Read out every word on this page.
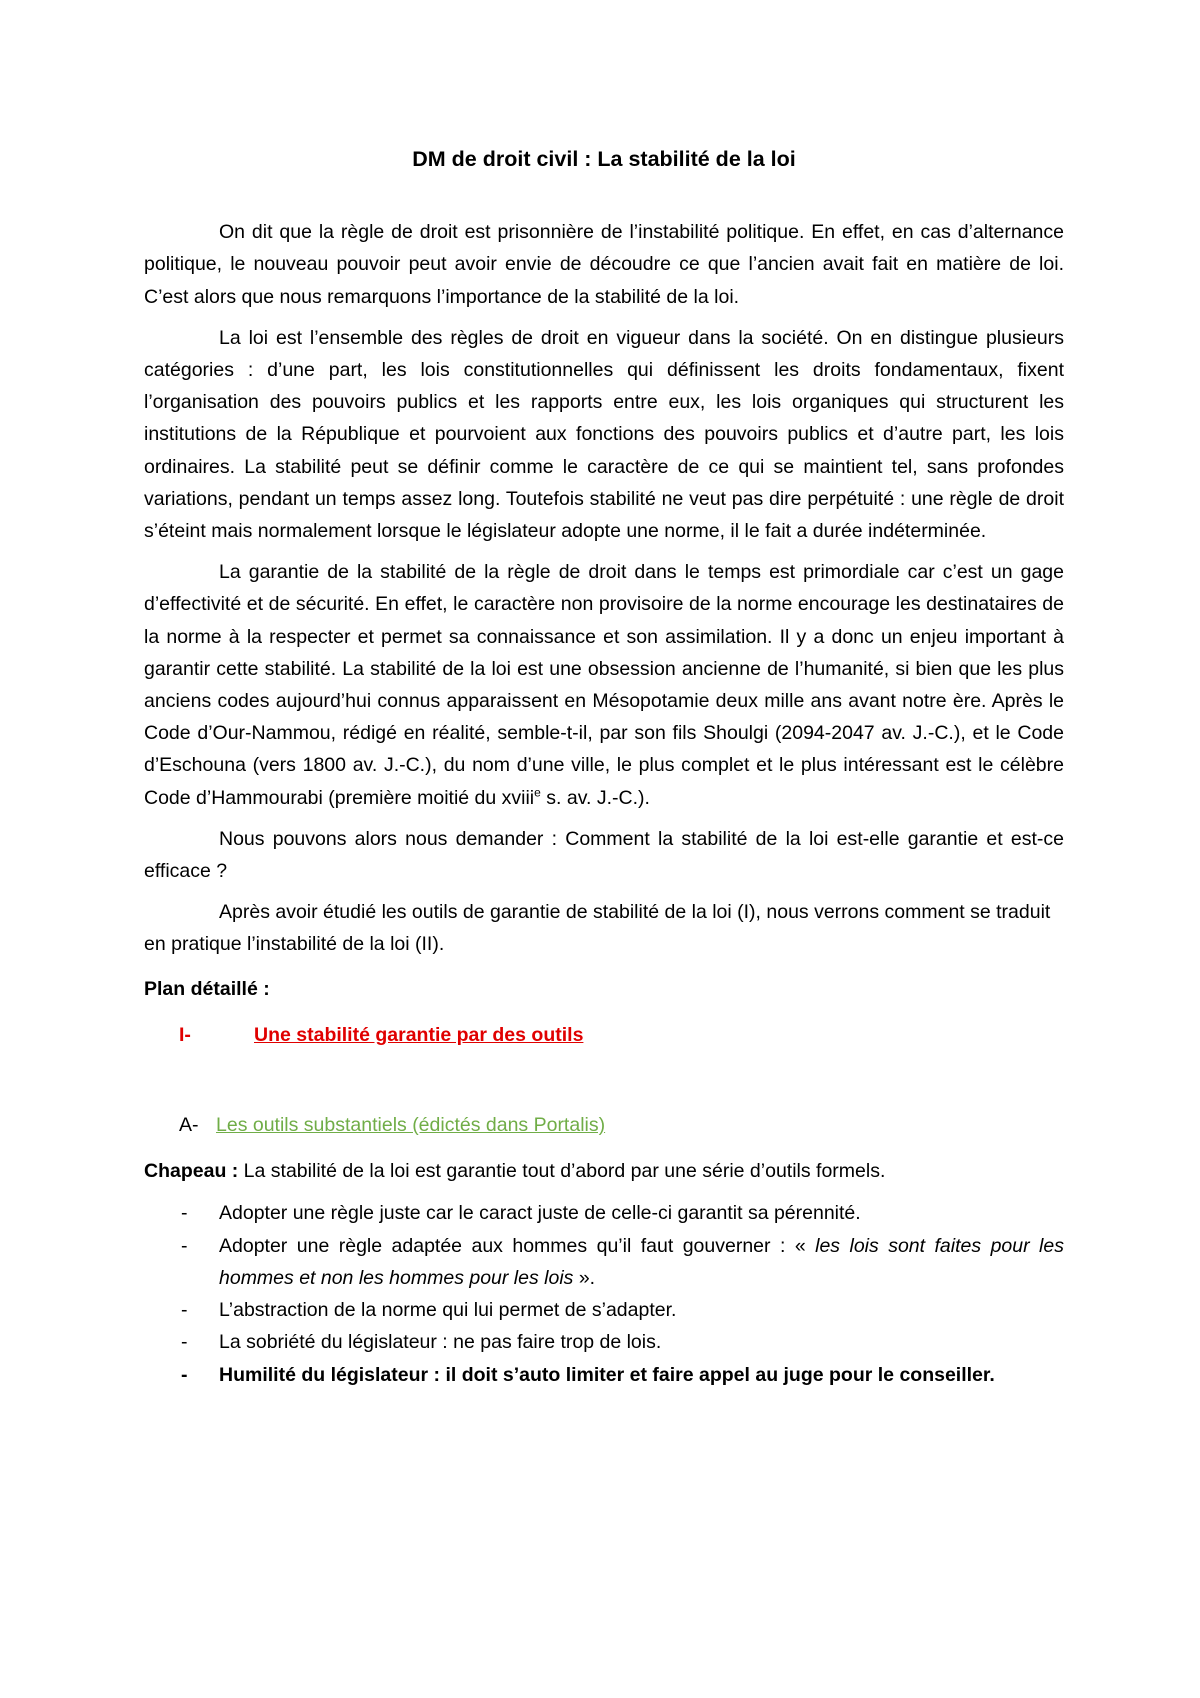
DM de droit civil : La stabilité de la loi

On dit que la règle de droit est prisonnière de l’instabilité politique. En effet, en cas d’alternance politique, le nouveau pouvoir peut avoir envie de découdre ce que l’ancien avait fait en matière de loi. C’est alors que nous remarquons l’importance de la stabilité de la loi.

La loi est l’ensemble des règles de droit en vigueur dans la société. On en distingue plusieurs catégories : d’une part, les lois constitutionnelles qui définissent les droits fondamentaux, fixent l’organisation des pouvoirs publics et les rapports entre eux, les lois organiques qui structurent les institutions de la République et pourvoient aux fonctions des pouvoirs publics et d’autre part, les lois ordinaires. La stabilité peut se définir comme le caractère de ce qui se maintient tel, sans profondes variations, pendant un temps assez long. Toutefois stabilité ne veut pas dire perpétuité : une règle de droit s’éteint mais normalement lorsque le législateur adopte une norme, il le fait a durée indéterminée.

La garantie de la stabilité de la règle de droit dans le temps est primordiale car c’est un gage d’effectivité et de sécurité. En effet, le caractère non provisoire de la norme encourage les destinataires de la norme à la respecter et permet sa connaissance et son assimilation. Il y a donc un enjeu important à garantir cette stabilité. La stabilité de la loi est une obsession ancienne de l’humanité, si bien que les plus anciens codes aujourd’hui connus apparaissent en Mésopotamie deux mille ans avant notre ère. Après le Code d’Our-Nammou, rédigé en réalité, semble-t-il, par son fils Shoulgi (2094-2047 av. J.-C.), et le Code d’Eschouna (vers 1800 av. J.-C.), du nom d’une ville, le plus complet et le plus intéressant est le célèbre Code d’Hammourabi (première moitié du xviii$^e$ s. av. J.-C.).

Nous pouvons alors nous demander : Comment la stabilité de la loi est-elle garantie et est-ce efficace ?

Après avoir étudié les outils de garantie de stabilité de la loi (I), nous verrons comment se traduit en pratique l’instabilité de la loi (II).

Plan détaillé :
I-	Une stabilité garantie par des outils
A- Les outils substantiels (édictés dans Portalis)
Chapeau : La stabilité de la loi est garantie tout d’abord par une série d’outils formels.
- Adopter une règle juste car le caract juste de celle-ci garantit sa pérennité.
- Adopter une règle adaptée aux hommes qu’il faut gouverner : « les lois sont faites pour les hommes et non les hommes pour les lois ».
- L’abstraction de la norme qui lui permet de s’adapter.
- La sobriété du législateur : ne pas faire trop de lois.
- Humilité du législateur : il doit s’auto limiter et faire appel au juge pour le conseiller.
